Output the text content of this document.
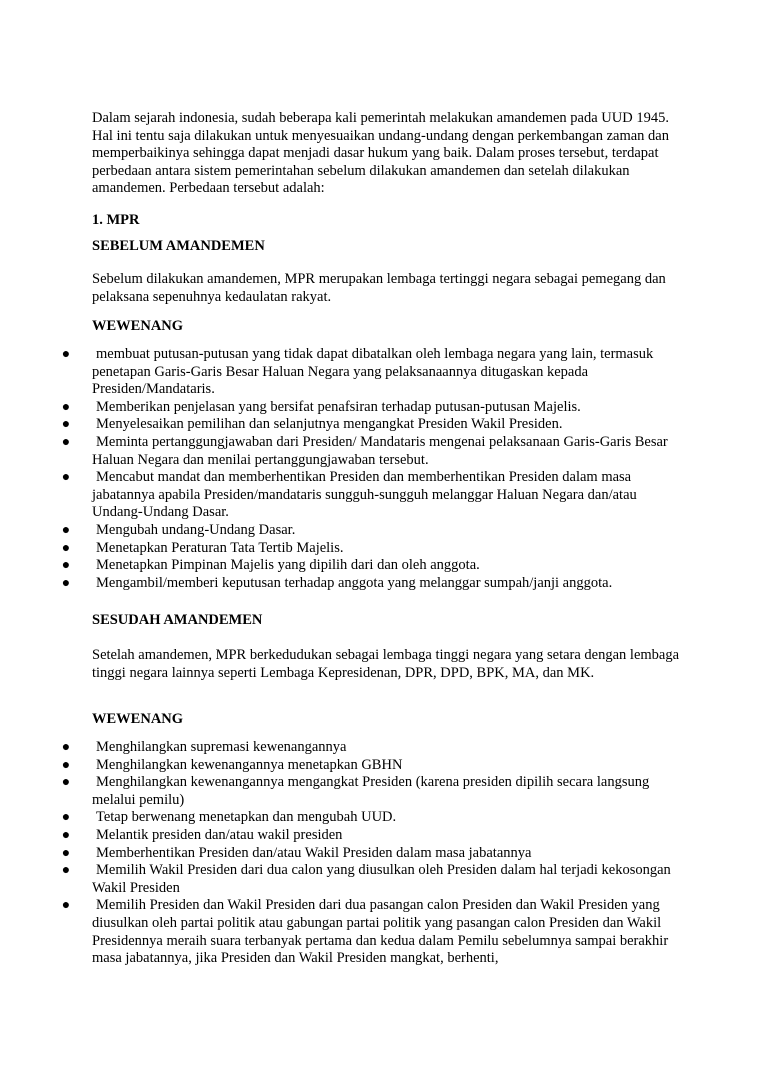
Dalam sejarah indonesia, sudah beberapa kali pemerintah melakukan amandemen pada UUD 1945. Hal ini tentu saja dilakukan untuk menyesuaikan undang-undang dengan perkembangan zaman dan memperbaikinya sehingga dapat menjadi dasar hukum yang baik. Dalam proses tersebut, terdapat perbedaan antara sistem pemerintahan sebelum dilakukan amandemen dan setelah dilakukan amandemen. Perbedaan tersebut adalah:

1. MPR

SEBELUM AMANDEMEN

Sebelum dilakukan amandemen, MPR merupakan lembaga tertinggi negara sebagai pemegang dan pelaksana sepenuhnya kedaulatan rakyat.

WEWENANG

● membuat putusan-putusan yang tidak dapat dibatalkan oleh lembaga negara yang lain, termasuk penetapan Garis-Garis Besar Haluan Negara yang pelaksanaannya ditugaskan kepada Presiden/Mandataris.
● Memberikan penjelasan yang bersifat penafsiran terhadap putusan-putusan Majelis.
● Menyelesaikan pemilihan dan selanjutnya mengangkat Presiden Wakil Presiden.
● Meminta pertanggungjawaban dari Presiden/ Mandataris mengenai pelaksanaan Garis-Garis Besar Haluan Negara dan menilai pertanggungjawaban tersebut.
● Mencabut mandat dan memberhentikan Presiden dan memberhentikan Presiden dalam masa jabatannya apabila Presiden/mandataris sungguh-sungguh melanggar Haluan Negara dan/atau Undang-Undang Dasar.
● Mengubah undang-Undang Dasar.
● Menetapkan Peraturan Tata Tertib Majelis.
● Menetapkan Pimpinan Majelis yang dipilih dari dan oleh anggota.
● Mengambil/memberi keputusan terhadap anggota yang melanggar sumpah/janji anggota.

SESUDAH AMANDEMEN

Setelah amandemen, MPR berkedudukan sebagai lembaga tinggi negara yang setara dengan lembaga tinggi negara lainnya seperti Lembaga Kepresidenan, DPR, DPD, BPK, MA, dan MK.

WEWENANG

● Menghilangkan supremasi kewenangannya
● Menghilangkan kewenangannya menetapkan GBHN
● Menghilangkan kewenangannya mengangkat Presiden (karena presiden dipilih secara langsung melalui pemilu)
● Tetap berwenang menetapkan dan mengubah UUD.
● Melantik presiden dan/atau wakil presiden
● Memberhentikan Presiden dan/atau Wakil Presiden dalam masa jabatannya
● Memilih Wakil Presiden dari dua calon yang diusulkan oleh Presiden dalam hal terjadi kekosongan Wakil Presiden
● Memilih Presiden dan Wakil Presiden dari dua pasangan calon Presiden dan Wakil Presiden yang diusulkan oleh partai politik atau gabungan partai politik yang pasangan calon Presiden dan Wakil Presidennya meraih suara terbanyak pertama dan kedua dalam Pemilu sebelumnya sampai berakhir masa jabatannya, jika Presiden dan Wakil Presiden mangkat, berhenti,
